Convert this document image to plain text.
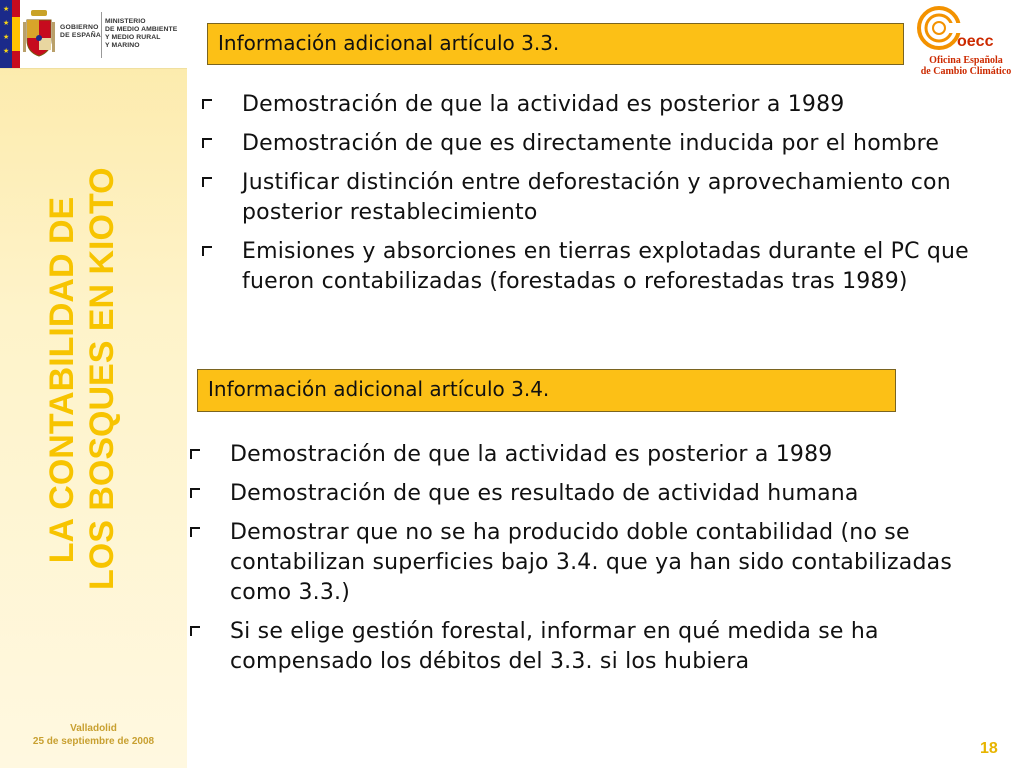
★
★
★
★
GOBIERNO
DE ESPAÑA
MINISTERIO
DE MEDIO AMBIENTE
Y MEDIO RURAL
Y MARINO
LA CONTABILIDAD DE LOS BOSQUES EN KIOTO
Valladolid
25 de septiembre de 2008
oecc
Oficina Española
de Cambio Climático
Información adicional artículo 3.3.
Demostración de que la actividad es posterior a 1989
Demostración de que es directamente inducida por el hombre
Justificar distinción entre deforestación y aprovechamiento con posterior restablecimiento
Emisiones y absorciones en tierras explotadas durante el PC que fueron contabilizadas (forestadas o reforestadas tras 1989)
Información adicional artículo 3.4.
Demostración de que la actividad es posterior a 1989
Demostración de que es resultado de actividad humana
Demostrar que no se ha producido doble contabilidad (no se contabilizan superficies bajo 3.4. que ya han sido contabilizadas como 3.3.)
Si se elige gestión forestal, informar en qué medida se ha compensado los débitos del 3.3. si los hubiera
18
